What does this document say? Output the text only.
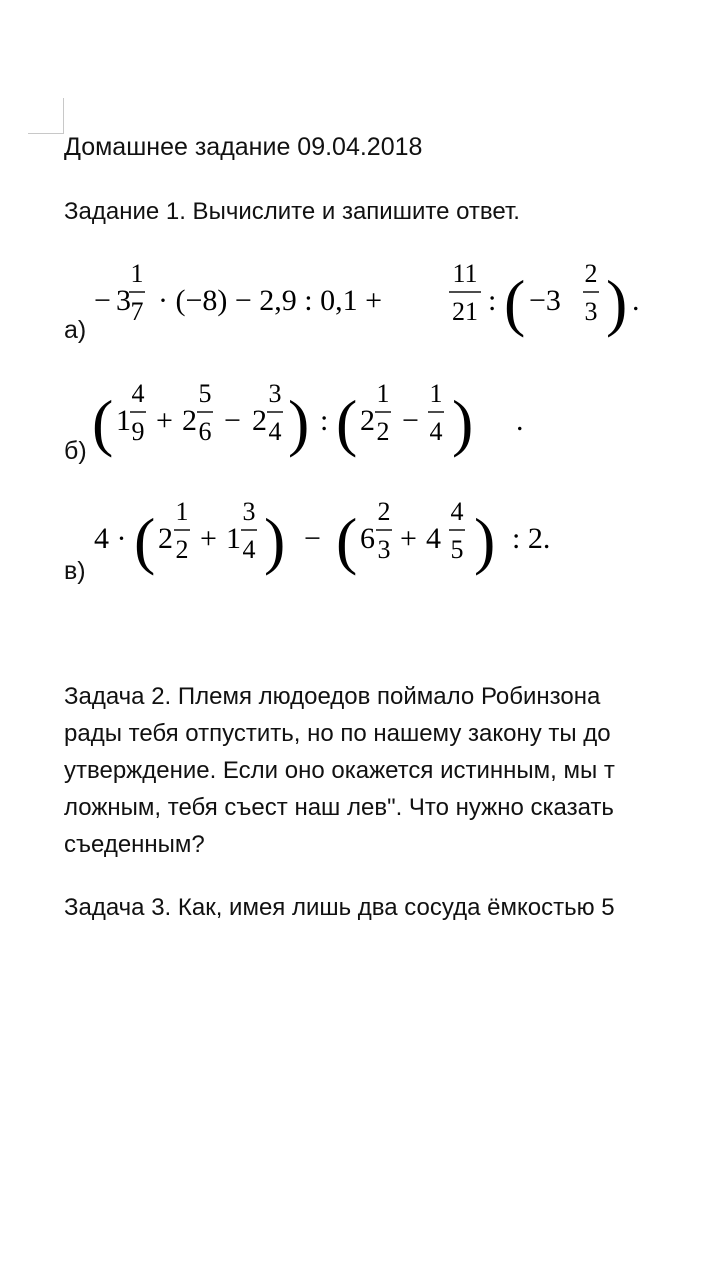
Домашнее задание 09.04.2018
Задание 1. Вычислите и запишите ответ.
а)
− 3
1
7 · (−8) − 2,9 : 0,1 +
11
21 : ( −3
2
3 ) .
б) ( 1
4
9 + 2
5
6 − 2
3
4 ) : ( 2
1
2 −
1
4 ) .
в)
4 · ( 2
1
2 + 1
3
4 ) − ( 6
2
3 + 4
4
5 ) : 2.
Задача 2. Племя людоедов поймало Робинзона
рады тебя отпустить, но по нашему закону ты до
утверждение. Если оно окажется истинным, мы т
ложным, тебя съест наш лев". Что нужно сказать
съеденным?
Задача 3. Как, имея лишь два сосуда ёмкостью 5
